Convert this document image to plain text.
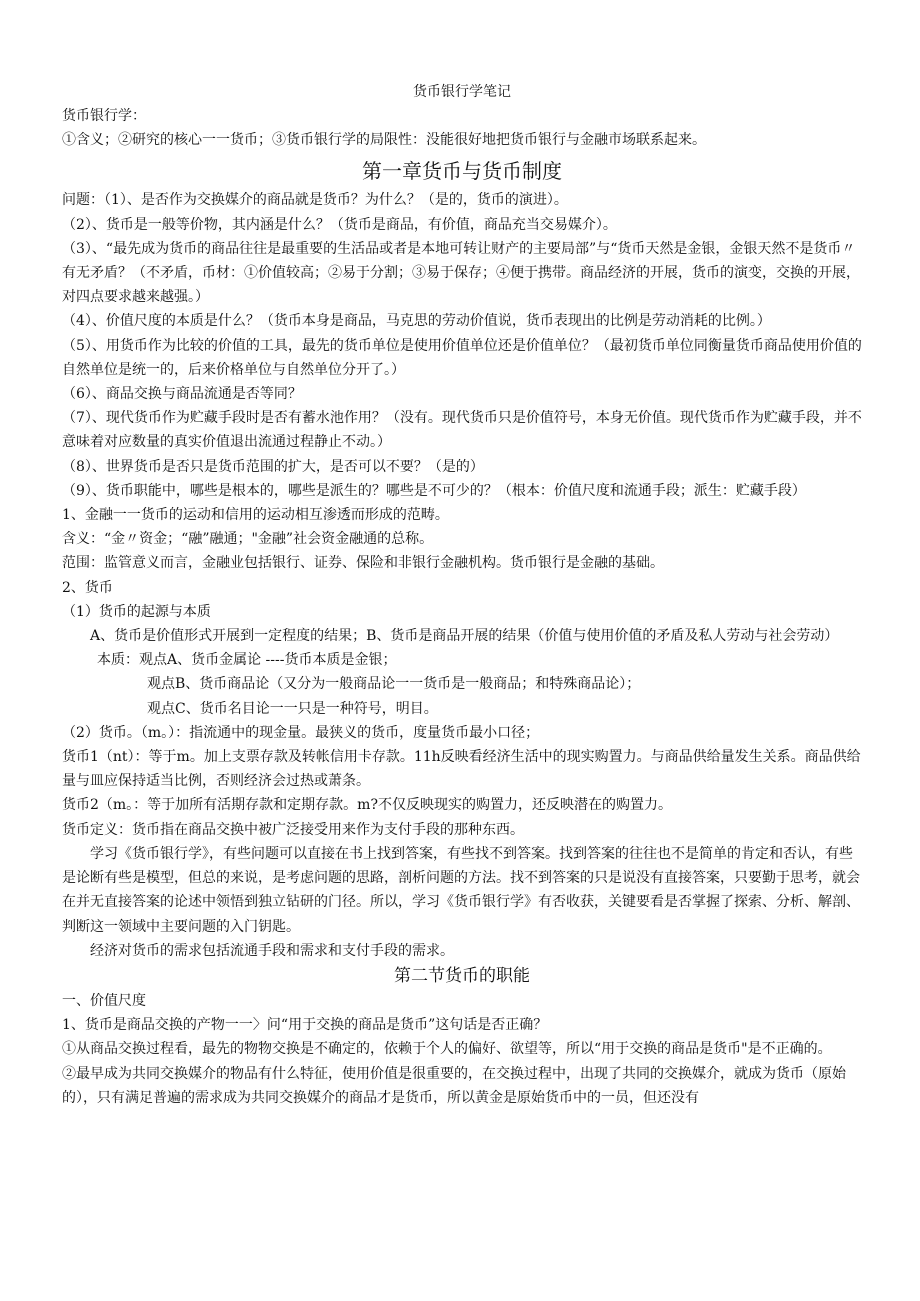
货币银行学笔记

货币银行学：

①含义；②研究的核心一一货币；③货币银行学的局限性：没能很好地把货币银行与金融市场联系起来。

第一章货币与货币制度

问题：（1）、是否作为交换媒介的商品就是货币？为什么？（是的，货币的演进）。

（2）、货币是一般等价物，其内涵是什么？（货币是商品，有价值，商品充当交易媒介）。

（3）、“最先成为货币的商品往往是最重要的生活品或者是本地可转让财产的主要局部”与“货币天然是金银，金银天然不是货币〃有无矛盾？（不矛盾，币材：①价值较高；②易于分割；③易于保存；④便于携带。商品经济的开展，货币的演变，交换的开展，对四点要求越来越强。）

（4）、价值尺度的本质是什么？（货币本身是商品，马克思的劳动价值说，货币表现出的比例是劳动消耗的比例。）

（5）、用货币作为比较的价值的工具，最先的货币单位是使用价值单位还是价值单位？（最初货币单位同衡量货币商品使用价值的自然单位是统一的，后来价格单位与自然单位分开了。）

（6）、商品交换与商品流通是否等同？

（7）、现代货币作为贮藏手段时是否有蓄水池作用？（没有。现代货币只是价值符号，本身无价值。现代货币作为贮藏手段，并不意味着对应数量的真实价值退出流通过程静止不动。）

（8）、世界货币是否只是货币范围的扩大，是否可以不要？（是的）

（9）、货币职能中，哪些是根本的，哪些是派生的？哪些是不可少的？（根本：价值尺度和流通手段；派生：贮藏手段）

1、金融一一货币的运动和信用的运动相互渗透而形成的范畴。

含义：“金〃资金；“融”融通；"金融”社会资金融通的总称。

范围：监管意义而言，金融业包括银行、证券、保险和非银行金融机构。货币银行是金融的基础。

2、货币

（1）货币的起源与本质

A、货币是价值形式开展到一定程度的结果；B、货币是商品开展的结果（价值与使用价值的矛盾及私人劳动与社会劳动）

本质：观点A、货币金属论 ----货币本质是金银；

观点B、货币商品论（又分为一般商品论一一货币是一般商品；和特殊商品论）；

观点C、货币名目论一一只是一种符号，明目。

（2）货币。（m。）：指流通中的现金量。最狭义的货币，度量货币最小口径；

货币1（nt）：等于m。加上支票存款及转帐信用卡存款。11h反映看经济生活中的现实购置力。与商品供给量发生关系。商品供给量与皿应保持适当比例，否则经济会过热或萧条。

货币2（m。：等于加所有活期存款和定期存款。m?不仅反映现实的购置力，还反映潜在的购置力。

货币定义：货币指在商品交换中被广泛接受用来作为支付手段的那种东西。

学习《货币银行学》，有些问题可以直接在书上找到答案，有些找不到答案。找到答案的往往也不是简单的肯定和否认，有些是论断有些是模型，但总的来说，是考虑问题的思路，剖析问题的方法。找不到答案的只是说没有直接答案，只要勤于思考，就会在并无直接答案的论述中领悟到独立钻研的门径。所以，学习《货币银行学》有否收获，关键要看是否掌握了探索、分析、解剖、判断这一领域中主要问题的入门钥匙。

经济对货币的需求包括流通手段和需求和支付手段的需求。

第二节货币的职能

一、价值尺度

1、货币是商品交换的产物一一〉问“用于交换的商品是货币”这句话是否正确？

①从商品交换过程看，最先的物物交换是不确定的，依赖于个人的偏好、欲望等，所以“用于交换的商品是货币"是不正确的。

②最早成为共同交换媒介的物品有什么特征，使用价值是很重要的，在交换过程中，出现了共同的交换媒介，就成为货币（原始的），只有满足普遍的需求成为共同交换媒介的商品才是货币，所以黄金是原始货币中的一员，但还没有
